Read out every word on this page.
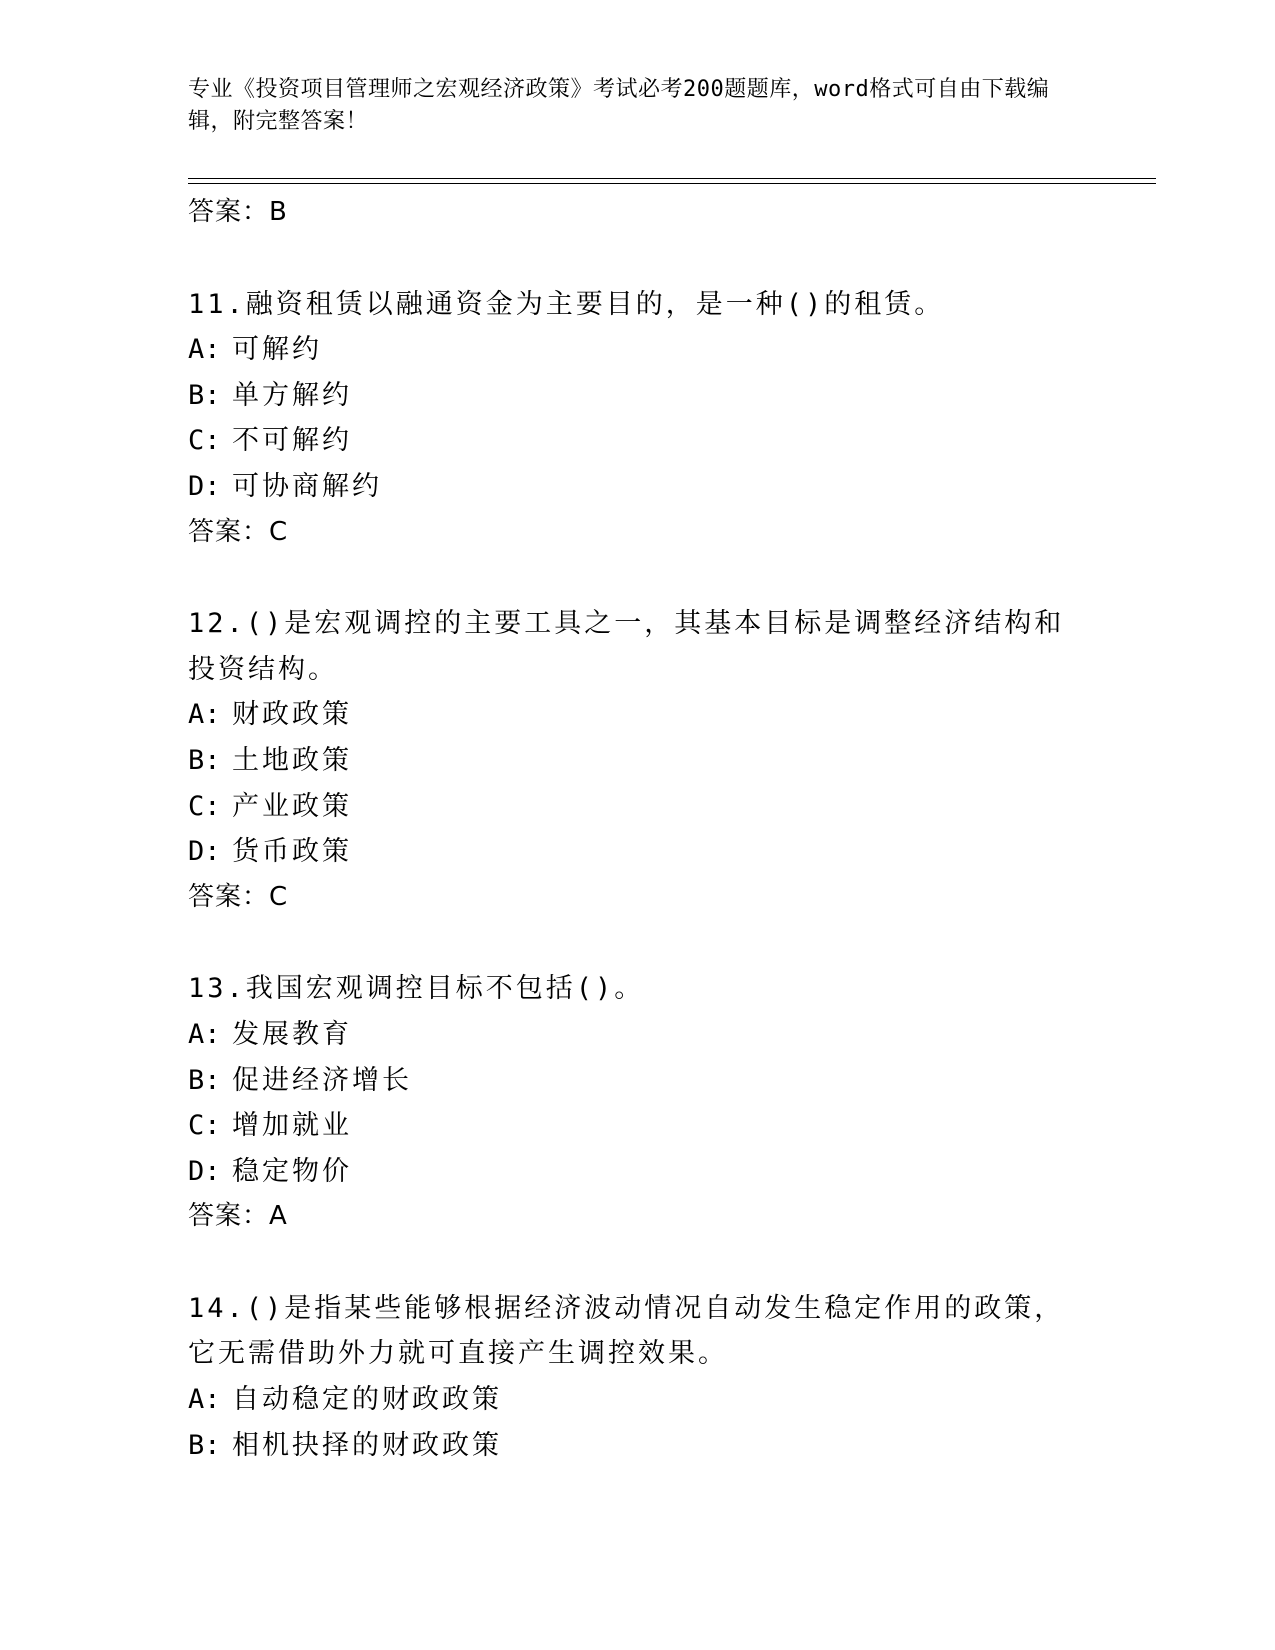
专业《投资项目管理师之宏观经济政策》考试必考200题题库，word格式可自由下载编辑，附完整答案！
答案：B
11.融资租赁以融通资金为主要目的，是一种()的租赁。
A: 可解约
B: 单方解约
C: 不可解约
D: 可协商解约
答案：C
12.()是宏观调控的主要工具之一，其基本目标是调整经济结构和投资结构。
A: 财政政策
B: 土地政策
C: 产业政策
D: 货币政策
答案：C
13.我国宏观调控目标不包括()。
A: 发展教育
B: 促进经济增长
C: 增加就业
D: 稳定物价
答案：A
14.()是指某些能够根据经济波动情况自动发生稳定作用的政策，它无需借助外力就可直接产生调控效果。
A: 自动稳定的财政政策
B: 相机抉择的财政政策
